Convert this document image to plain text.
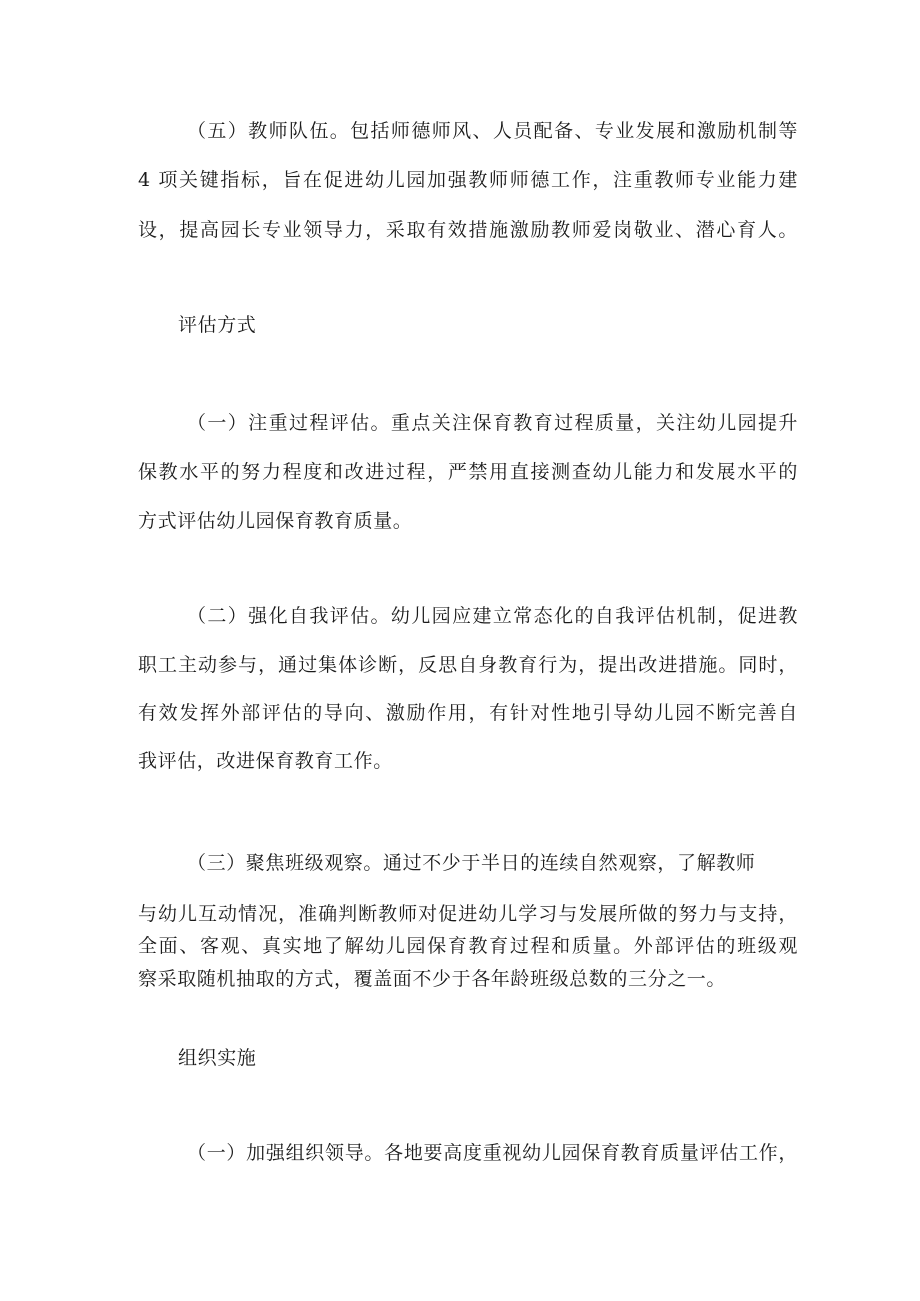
（五）教师队伍。包括师德师风、人员配备、专业发展和激励机制等
4 项关键指标，旨在促进幼儿园加强教师师德工作，注重教师专业能力建
设，提高园长专业领导力，采取有效措施激励教师爱岗敬业、潜心育人。
评估方式
（一）注重过程评估。重点关注保育教育过程质量，关注幼儿园提升
保教水平的努力程度和改进过程，严禁用直接测查幼儿能力和发展水平的
方式评估幼儿园保育教育质量。
（二）强化自我评估。幼儿园应建立常态化的自我评估机制，促进教
职工主动参与，通过集体诊断，反思自身教育行为，提出改进措施。同时，
有效发挥外部评估的导向、激励作用，有针对性地引导幼儿园不断完善自
我评估，改进保育教育工作。
（三）聚焦班级观察。通过不少于半日的连续自然观察，了解教师
与幼儿互动情况，准确判断教师对促进幼儿学习与发展所做的努力与支持，
全面、客观、真实地了解幼儿园保育教育过程和质量。外部评估的班级观
察采取随机抽取的方式，覆盖面不少于各年龄班级总数的三分之一。
组织实施
（一）加强组织领导。各地要高度重视幼儿园保育教育质量评估工作，
